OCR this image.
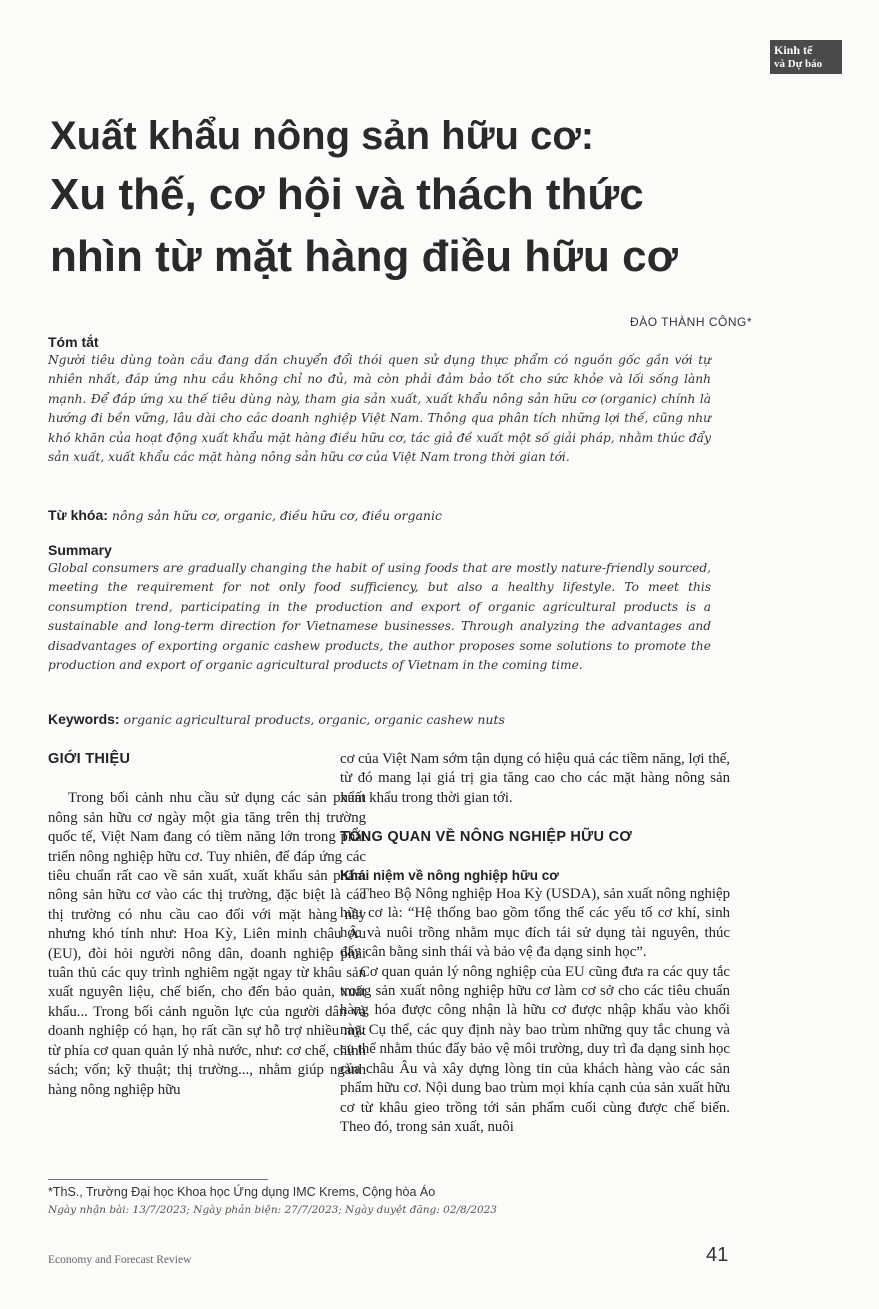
Kinh tế
và Dự báo
Xuất khẩu nông sản hữu cơ:
Xu thế, cơ hội và thách thức
nhìn từ mặt hàng điều hữu cơ
ĐÀO THÀNH CÔNG*
Tóm tắt

Người tiêu dùng toàn cầu đang dần chuyển đổi thói quen sử dụng thực phẩm có nguồn gốc gần với tự nhiên nhất, đáp ứng nhu cầu không chỉ no đủ, mà còn phải đảm bảo tốt cho sức khỏe và lối sống lành mạnh. Để đáp ứng xu thế tiêu dùng này, tham gia sản xuất, xuất khẩu nông sản hữu cơ (organic) chính là hướng đi bền vững, lâu dài cho các doanh nghiệp Việt Nam. Thông qua phân tích những lợi thế, cũng như khó khăn của hoạt động xuất khẩu mặt hàng điều hữu cơ, tác giả đề xuất một số giải pháp, nhằm thúc đẩy sản xuất, xuất khẩu các mặt hàng nông sản hữu cơ của Việt Nam trong thời gian tới.

Từ khóa: nông sản hữu cơ, organic, điều hữu cơ, điều organic
Summary

Global consumers are gradually changing the habit of using foods that are mostly nature-friendly sourced, meeting the requirement for not only food sufficiency, but also a healthy lifestyle. To meet this consumption trend, participating in the production and export of organic agricultural products is a sustainable and long-term direction for Vietnamese businesses. Through analyzing the advantages and disadvantages of exporting organic cashew products, the author proposes some solutions to promote the production and export of organic agricultural products of Vietnam in the coming time.

Keywords: organic agricultural products, organic, organic cashew nuts
GIỚI THIỆU

Trong bối cảnh nhu cầu sử dụng các sản phẩm nông sản hữu cơ ngày một gia tăng trên thị trường quốc tế, Việt Nam đang có tiềm năng lớn trong phát triển nông nghiệp hữu cơ. Tuy nhiên, để đáp ứng các tiêu chuẩn rất cao về sản xuất, xuất khẩu sản phẩm nông sản hữu cơ vào các thị trường, đặc biệt là các thị trường có nhu cầu cao đối với mặt hàng này nhưng khó tính như: Hoa Kỳ, Liên minh châu Âu (EU), đòi hỏi người nông dân, doanh nghiệp phải tuân thủ các quy trình nghiêm ngặt ngay từ khâu sản xuất nguyên liệu, chế biến, cho đến bảo quản, xuất khẩu... Trong bối cảnh nguồn lực của người dân và doanh nghiệp có hạn, họ rất cần sự hỗ trợ nhiều mặt từ phía cơ quan quản lý nhà nước, như: cơ chế, chính sách; vốn; kỹ thuật; thị trường..., nhằm giúp ngành hàng nông nghiệp hữu

cơ của Việt Nam sớm tận dụng có hiệu quả các tiềm năng, lợi thế, từ đó mang lại giá trị gia tăng cao cho các mặt hàng nông sản xuất khẩu trong thời gian tới.

TỔNG QUAN VỀ NÔNG NGHIỆP HỮU CƠ
Khái niệm về nông nghiệp hữu cơ

Theo Bộ Nông nghiệp Hoa Kỳ (USDA), sản xuất nông nghiệp hữu cơ là: “Hệ thống bao gồm tổng thể các yếu tố cơ khí, sinh học và nuôi trồng nhằm mục đích tái sử dụng tài nguyên, thúc đẩy cân bằng sinh thái và bảo vệ đa dạng sinh học”.

Cơ quan quản lý nông nghiệp của EU cũng đưa ra các quy tắc trong sản xuất nông nghiệp hữu cơ làm cơ sở cho các tiêu chuẩn hàng hóa được công nhận là hữu cơ được nhập khẩu vào khối này. Cụ thể, các quy định này bao trùm những quy tắc chung và cụ thể nhằm thúc đẩy bảo vệ môi trường, duy trì đa dạng sinh học của châu Âu và xây dựng lòng tin của khách hàng vào các sản phẩm hữu cơ. Nội dung bao trùm mọi khía cạnh của sản xuất hữu cơ từ khâu gieo trồng tới sản phẩm cuối cùng được chế biến. Theo đó, trong sản xuất, nuôi

*ThS., Trường Đại học Khoa học Ứng dụng IMC Krems, Cộng hòa Áo
Ngày nhận bài: 13/7/2023; Ngày phản biện: 27/7/2023; Ngày duyệt đăng: 02/8/2023
Economy and Forecast Review	41
